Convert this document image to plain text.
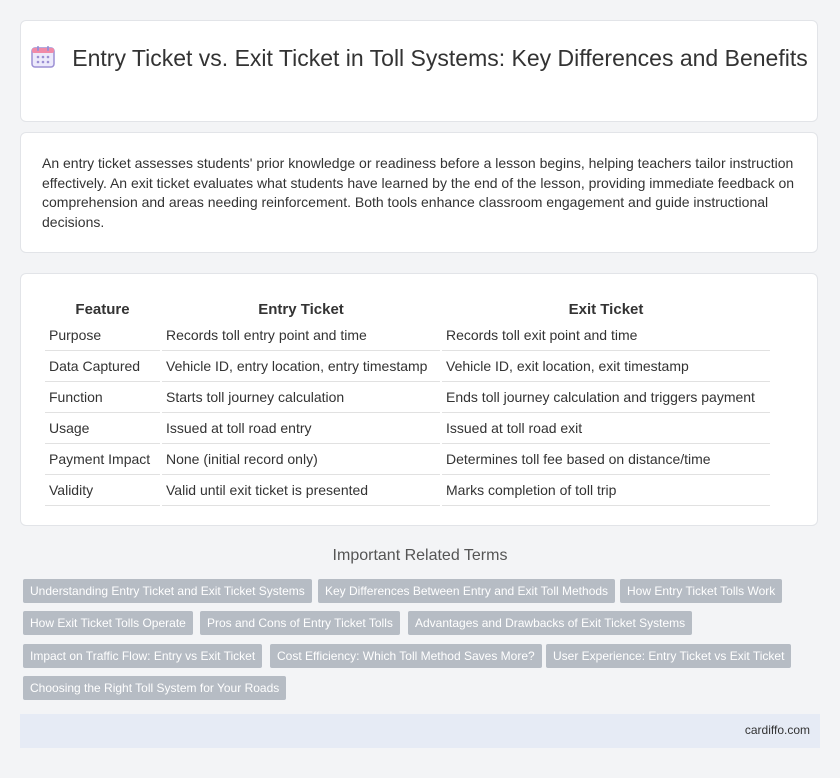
Entry Ticket vs. Exit Ticket in Toll Systems: Key Differences and Benefits

An entry ticket assesses students' prior knowledge or readiness before a lesson begins, helping teachers tailor instruction effectively. An exit ticket evaluates what students have learned by the end of the lesson, providing immediate feedback on comprehension and areas needing reinforcement. Both tools enhance classroom engagement and guide instructional decisions.

Feature	Entry Ticket	Exit Ticket
Purpose	Records toll entry point and time	Records toll exit point and time
Data Captured	Vehicle ID, entry location, entry timestamp	Vehicle ID, exit location, exit timestamp
Function	Starts toll journey calculation	Ends toll journey calculation and triggers payment
Usage	Issued at toll road entry	Issued at toll road exit
Payment Impact	None (initial record only)	Determines toll fee based on distance/time
Validity	Valid until exit ticket is presented	Marks completion of toll trip
Important Related Terms
Understanding Entry Ticket and Exit Ticket Systems	Key Differences Between Entry and Exit Toll Methods	How Entry Ticket Tolls Work
How Exit Ticket Tolls Operate	Pros and Cons of Entry Ticket Tolls	Advantages and Drawbacks of Exit Ticket Systems
Impact on Traffic Flow: Entry vs Exit Ticket	Cost Efficiency: Which Toll Method Saves More?	User Experience: Entry Ticket vs Exit Ticket
Choosing the Right Toll System for Your Roads
cardiffo.com
